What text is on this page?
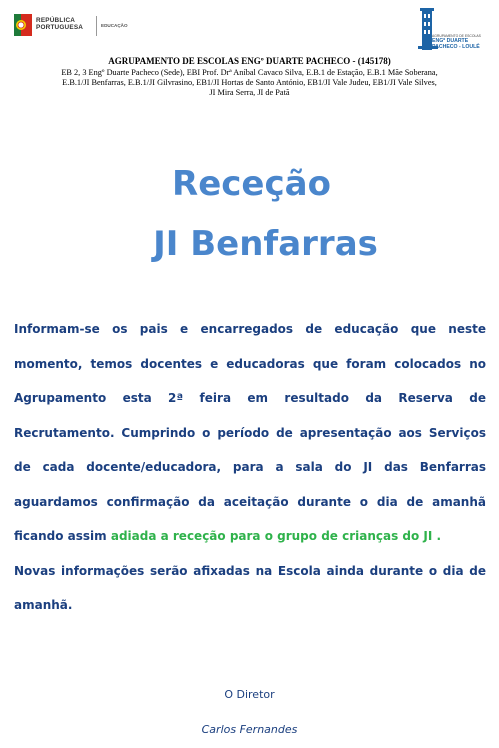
REPÚBLICA
PORTUGUESA	EDUCAÇÃO
AGRUPAMENTO DE ESCOLAS
ENGº DUARTE
PACHECO - LOULÉ
AGRUPAMENTO DE ESCOLAS ENGº DUARTE PACHECO - (145178)
EB 2, 3 Engº Duarte Pacheco (Sede), EBI Prof. Drª Aníbal Cavaco Silva, E.B.1 de Estação, E.B.1 Mãe Soberana,
E.B.1/JI Benfarras, E.B.1/JI Gilvrasino, EB1/JI Hortas de Santo António, EB1/JI Vale Judeu, EB1/JI Vale Silves,
JI Mira Serra, JI de Patã
Receção
JI Benfarras

Informam-se os pais e encarregados de educação que neste momento, temos docentes e educadoras que foram colocados no Agrupamento esta 2ª feira em resultado da Reserva de Recrutamento. Cumprindo o período de apresentação aos Serviços de cada docente/educadora, para a sala do JI das Benfarras aguardamos confirmação da aceitação durante o dia de amanhã ficando assim adiada a receção para o grupo de crianças do JI .

Novas informações serão afixadas na Escola ainda durante o dia de amanhã.

O Diretor
Carlos Fernandes
